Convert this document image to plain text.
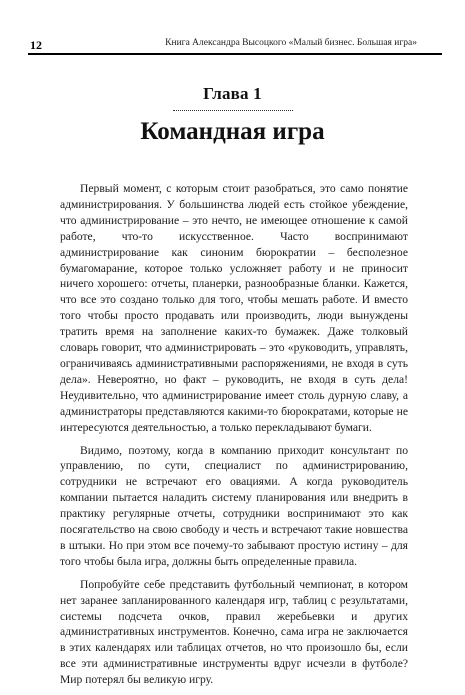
12	Книга Александра Высоцкого «Малый бизнес. Большая игра»
Глава 1
Командная игра

Первый момент, с которым стоит разобраться, это само понятие администрирования. У большинства людей есть стойкое убеждение, что администрирование – это нечто, не имеющее отношение к самой работе, что-то искусственное. Часто воспринимают администрирование как синоним бюрократии – бесполезное бумагомарание, которое только усложняет работу и не приносит ничего хорошего: отчеты, планерки, разнообразные бланки. Кажется, что все это создано только для того, чтобы мешать работе. И вместо того чтобы просто продавать или производить, люди вынуждены тратить время на заполнение каких-то бумажек. Даже толковый словарь говорит, что администрировать – это «руководить, управлять, ограничиваясь административными распоряжениями, не входя в суть дела». Невероятно, но факт – руководить, не входя в суть дела! Неудивительно, что администрирование имеет столь дурную славу, а администраторы представляются какими-то бюрократами, которые не интересуются деятельностью, а только перекладывают бумаги.

Видимо, поэтому, когда в компанию приходит консультант по управлению, по сути, специалист по администрированию, сотрудники не встречают его овациями. А когда руководитель компании пытается наладить систему планирования или внедрить в практику регулярные отчеты, сотрудники воспринимают это как посягательство на свою свободу и честь и встречают такие новшества в штыки. Но при этом все почему-то забывают простую истину – для того чтобы была игра, должны быть определенные правила.

Попробуйте себе представить футбольный чемпионат, в котором нет заранее запланированного календаря игр, таблиц с результатами, системы подсчета очков, правил жеребьевки и других административных инструментов. Конечно, сама игра не заключается в этих календарях или таблицах отчетов, но что произошло бы, если все эти административные инструменты вдруг исчезли в футболе? Мир потерял бы великую игру.
